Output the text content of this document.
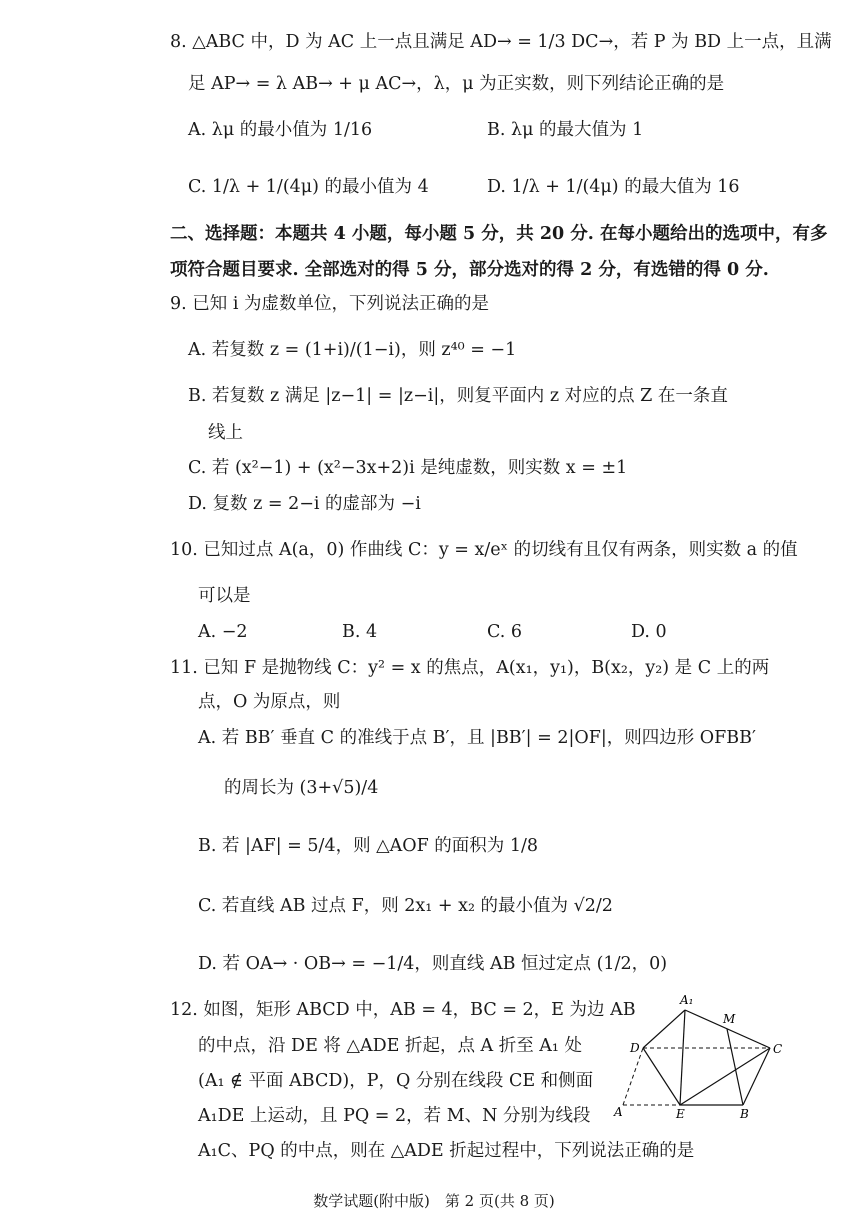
8. △ABC 中，D 为 AC 上一点且满足 AD→ = 1/3 DC→，若 P 为 BD 上一点，且满
足 AP→ = λ AB→ + μ AC→，λ，μ 为正实数，则下列结论正确的是
A. λμ 的最小值为 1/16	B. λμ 的最大值为 1
C. 1/λ + 1/(4μ) 的最小值为 4	D. 1/λ + 1/(4μ) 的最大值为 16
二、选择题：本题共 4 小题，每小题 5 分，共 20 分. 在每小题给出的选项中，有多
项符合题目要求. 全部选对的得 5 分，部分选对的得 2 分，有选错的得 0 分.
9. 已知 i 为虚数单位，下列说法正确的是
A. 若复数 z = (1+i)/(1−i)，则 z⁴⁰ = −1
B. 若复数 z 满足 |z−1| = |z−i|，则复平面内 z 对应的点 Z 在一条直
线上
C. 若 (x²−1) + (x²−3x+2)i 是纯虚数，则实数 x = ±1
D. 复数 z = 2−i 的虚部为 −i
10. 已知过点 A(a，0) 作曲线 C：y = x/eˣ 的切线有且仅有两条，则实数 a 的值
可以是
A. −2	B. 4	C. 6	D. 0
11. 已知 F 是抛物线 C：y² = x 的焦点，A(x₁，y₁)，B(x₂，y₂) 是 C 上的两
点，O 为原点，则
A. 若 BB′ 垂直 C 的准线于点 B′，且 |BB′| = 2|OF|，则四边形 OFBB′
的周长为 (3+√5)/4
B. 若 |AF| = 5/4，则 △AOF 的面积为 1/8
C. 若直线 AB 过点 F，则 2x₁ + x₂ 的最小值为 √2/2
D. 若 OA→ · OB→ = −1/4，则直线 AB 恒过定点 (1/2，0)
12. 如图，矩形 ABCD 中，AB = 4，BC = 2，E 为边 AB
的中点，沿 DE 将 △ADE 折起，点 A 折至 A₁ 处
(A₁ ∉ 平面 ABCD)，P，Q 分别在线段 CE 和侧面
A₁DE 上运动，且 PQ = 2，若 M、N 分别为线段
A₁C、PQ 的中点，则在 △ADE 折起过程中，下列说法正确的是
A₁
M
D	C
A	E	B
数学试题(附中版)　第 2 页(共 8 页)
